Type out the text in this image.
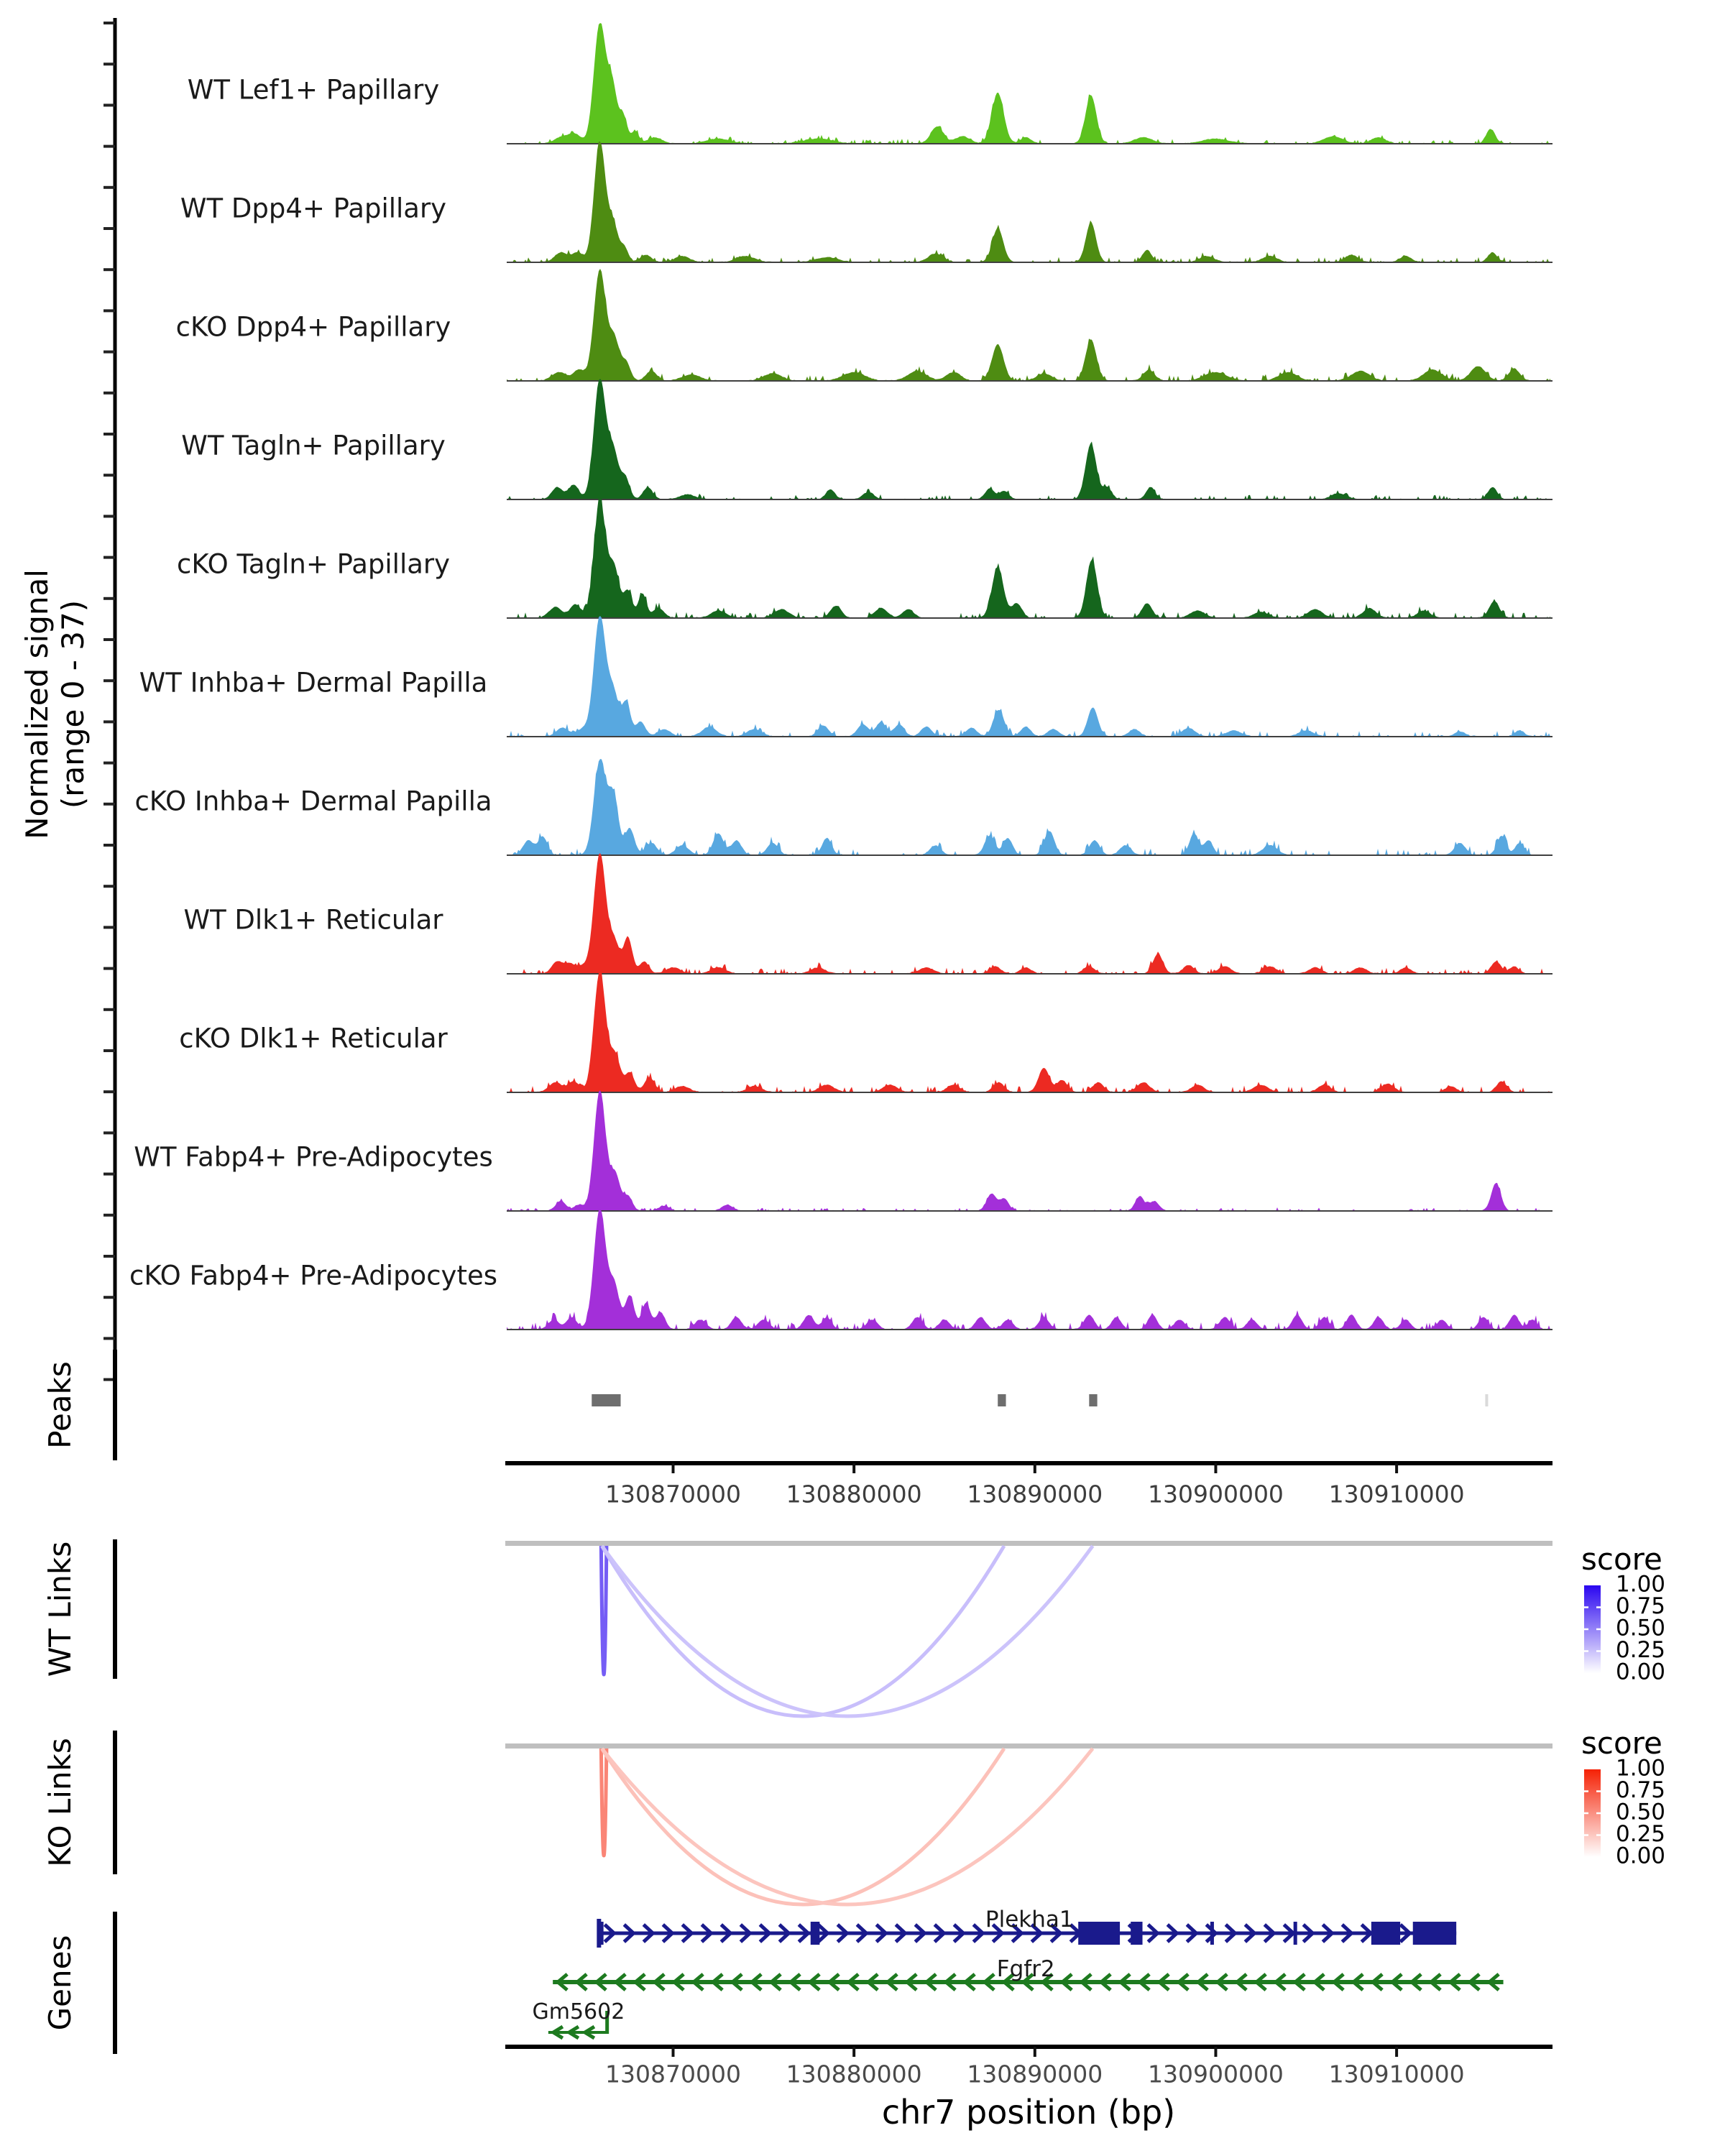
Normalized signal (range 0 - 37)
Peaks
WT Links
KO Links
Genes
score
score
chr7 position (bp)
WT Lef1+ Papillary
WT Dpp4+ Papillary
cKO Dpp4+ Papillary
WT Tagln+ Papillary
cKO Tagln+ Papillary
WT Inhba+ Dermal Papilla
cKO Inhba+ Dermal Papilla
WT Dlk1+ Reticular
cKO Dlk1+ Reticular
WT Fabp4+ Pre-Adipocytes
cKO Fabp4+ Pre-Adipocytes
130870000 130880000 130890000 130900000 130910000
1.00
0.75
0.50
0.25
0.00
1.00
0.75
0.50
0.25
0.00
Plekha1
Fgfr2
Gm5602
130870000 130880000 130890000 130900000 130910000
